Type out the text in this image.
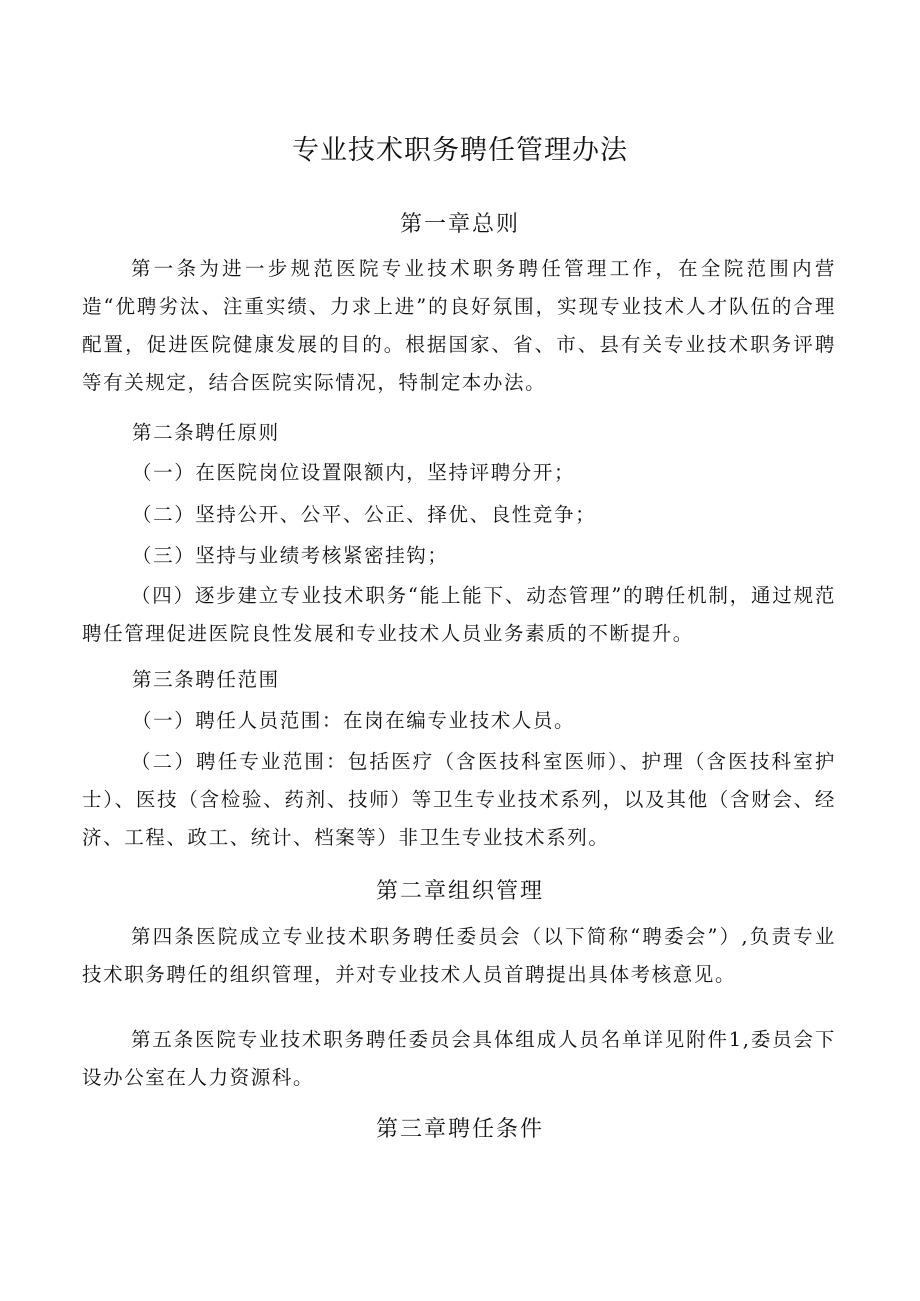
专业技术职务聘任管理办法
第一章总则
第一条为进一步规范医院专业技术职务聘任管理工作，在全院范围内营造“优聘劣汰、注重实绩、力求上进”的良好氛围，实现专业技术人才队伍的合理配置，促进医院健康发展的目的。根据国家、省、市、县有关专业技术职务评聘等有关规定，结合医院实际情况，特制定本办法。
第二条聘任原则
（一）在医院岗位设置限额内，坚持评聘分开；
（二）坚持公开、公平、公正、择优、良性竞争；
（三）坚持与业绩考核紧密挂钩；
（四）逐步建立专业技术职务“能上能下、动态管理”的聘任机制，通过规范聘任管理促进医院良性发展和专业技术人员业务素质的不断提升。
第三条聘任范围
（一）聘任人员范围：在岗在编专业技术人员。
（二）聘任专业范围：包括医疗（含医技科室医师）、护理（含医技科室护士）、医技（含检验、药剂、技师）等卫生专业技术系列，以及其他（含财会、经济、工程、政工、统计、档案等）非卫生专业技术系列。
第二章组织管理
第四条医院成立专业技术职务聘任委员会（以下简称“聘委会”）,负责专业技术职务聘任的组织管理，并对专业技术人员首聘提出具体考核意见。
第五条医院专业技术职务聘任委员会具体组成人员名单详见附件1,委员会下设办公室在人力资源科。
第三章聘任条件
